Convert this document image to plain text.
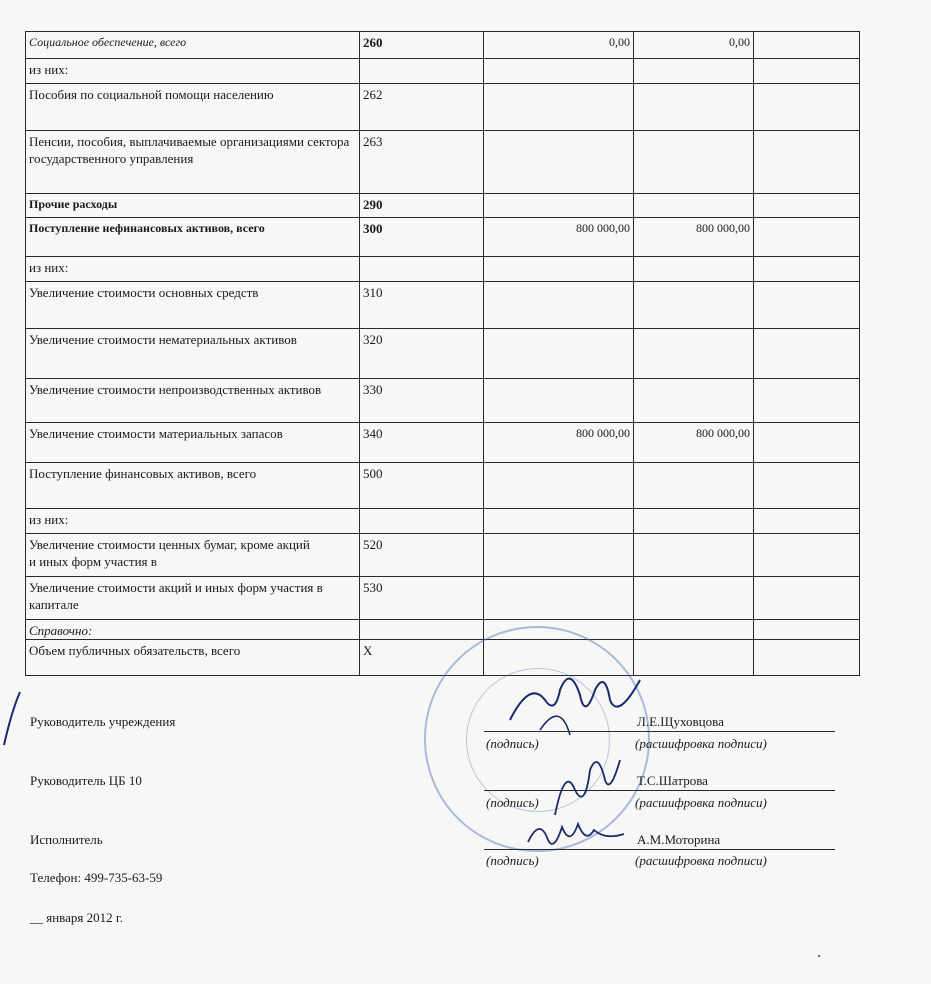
Социальное обеспечение, всего	260	0,00	0,00	
из них:				
Пособия по социальной помощи населению	262			
Пенсии, пособия, выплачиваемые организациями сектора государственного управления	263			
Прочие расходы	290			
Поступление нефинансовых активов, всего	300	800 000,00	800 000,00	
из них:				
Увеличение стоимости основных средств	310			
Увеличение стоимости нематериальных активов	320			
Увеличение стоимости непроизводственных активов	330			
Увеличение стоимости материальных запасов	340	800 000,00	800 000,00	
Поступление финансовых активов, всего	500			
из них:				
Увеличение стоимости ценных бумаг, кроме акций и иных форм участия в	520			
Увеличение стоимости акций и иных форм участия в капитале	530			
Справочно:				
Объем публичных обязательств, всего	X			
Руководитель учреждения	Л.Е.Щуховцова
(подпись)	(расшифровка подписи)
Руководитель ЦБ 10	Т.С.Шатрова
(подпись)	(расшифровка подписи)
Исполнитель	А.М.Моторина
(подпись)	(расшифровка подписи)
Телефон: 499-735-63-59
__ января 2012 г.
